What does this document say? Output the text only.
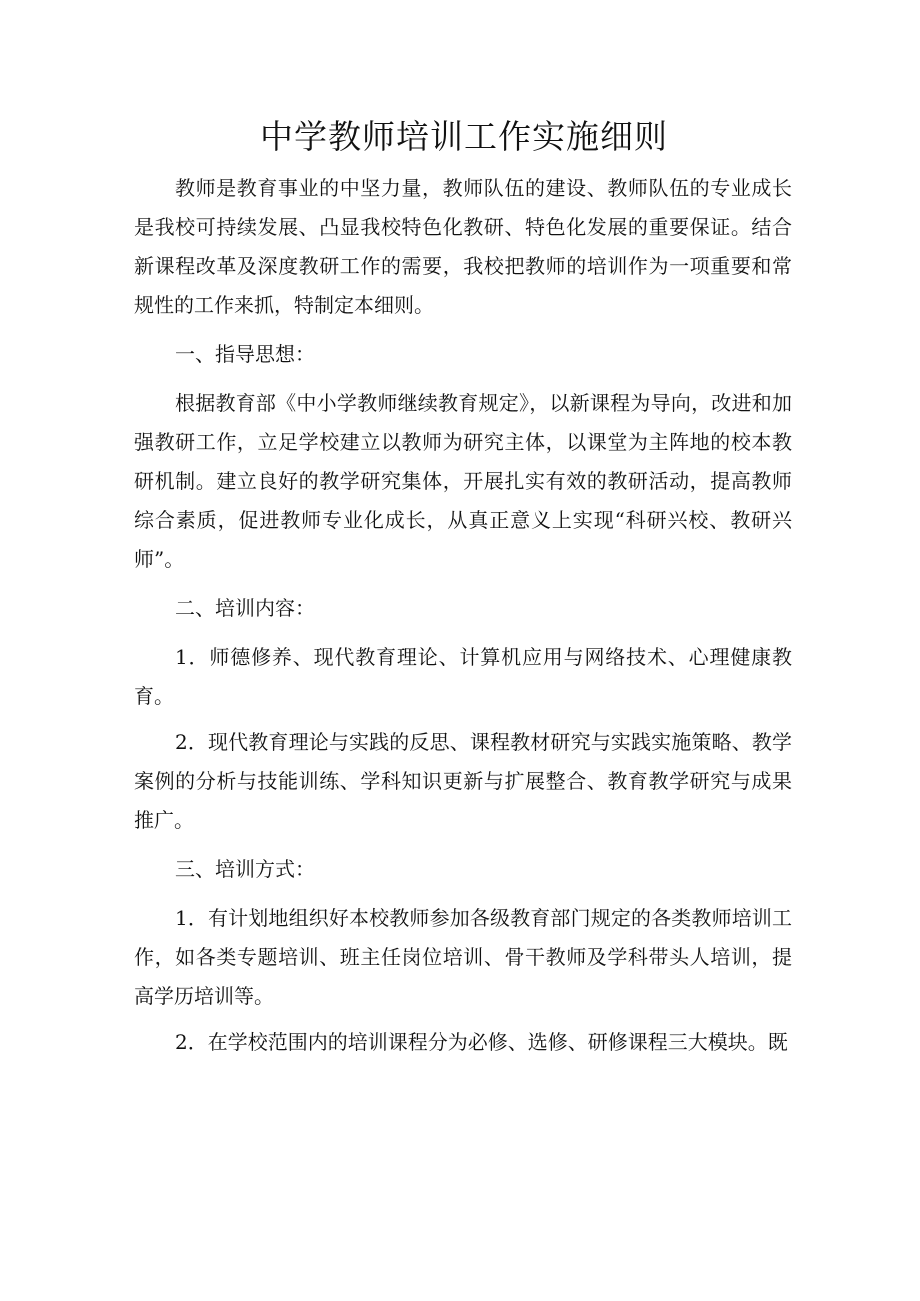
中学教师培训工作实施细则

教师是教育事业的中坚力量，教师队伍的建设、教师队伍的专业成长是我校可持续发展、凸显我校特色化教研、特色化发展的重要保证。结合新课程改革及深度教研工作的需要，我校把教师的培训作为一项重要和常规性的工作来抓，特制定本细则。

一、指导思想：

根据教育部《中小学教师继续教育规定》，以新课程为导向，改进和加强教研工作，立足学校建立以教师为研究主体，以课堂为主阵地的校本教研机制。建立良好的教学研究集体，开展扎实有效的教研活动，提高教师综合素质，促进教师专业化成长，从真正意义上实现“科研兴校、教研兴师”。

二、培训内容：

1．师德修养、现代教育理论、计算机应用与网络技术、心理健康教育。

2．现代教育理论与实践的反思、课程教材研究与实践实施策略、教学案例的分析与技能训练、学科知识更新与扩展整合、教育教学研究与成果推广。

三、培训方式：

1．有计划地组织好本校教师参加各级教育部门规定的各类教师培训工作，如各类专题培训、班主任岗位培训、骨干教师及学科带头人培训，提高学历培训等。

2．在学校范围内的培训课程分为必修、选修、研修课程三大模块。既
